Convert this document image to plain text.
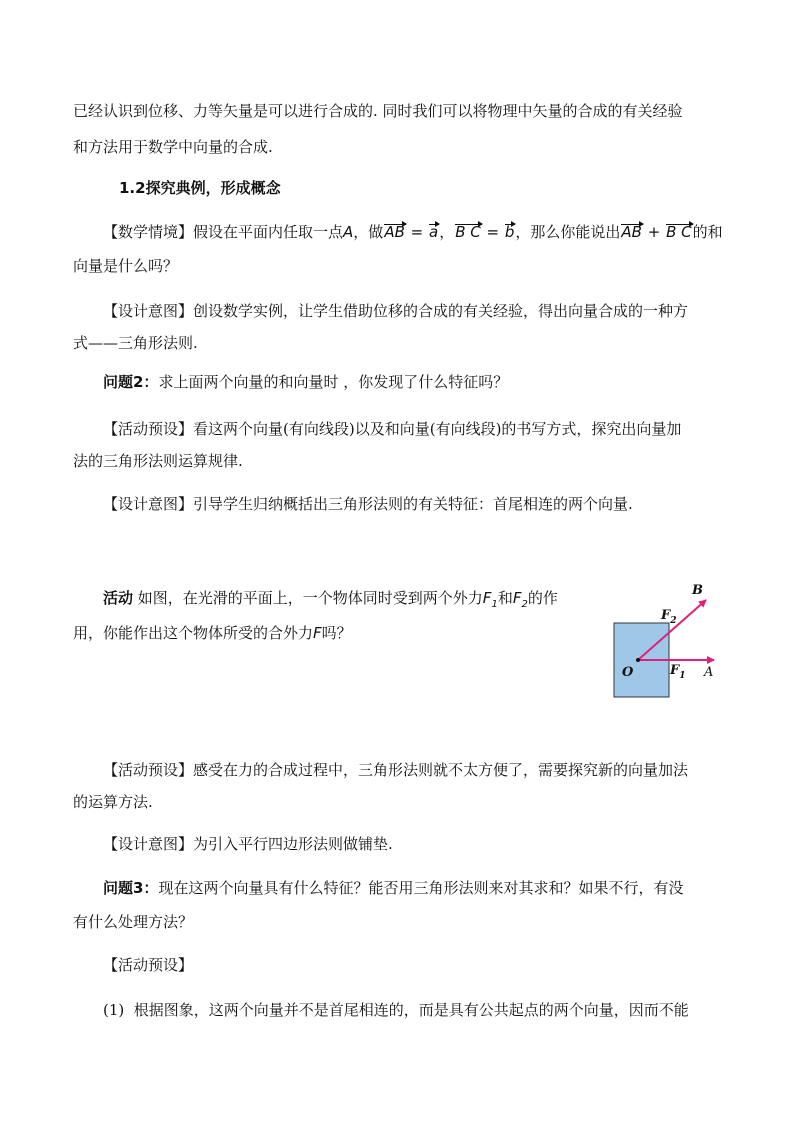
已经认识到位移、力等矢量是可以进行合成的. 同时我们可以将物理中矢量的合成的有关经验
和方法用于数学中向量的合成.
1.2探究典例，形成概念
【数学情境】假设在平面内任取一点A，做AB = a，B C = b，那么你能说出AB + B C的和
向量是什么吗？
【设计意图】创设数学实例，让学生借助位移的合成的有关经验，得出向量合成的一种方
式——三角形法则.
问题2：求上面两个向量的和向量时 ，你发现了什么特征吗？
【活动预设】看这两个向量(有向线段)以及和向量(有向线段)的书写方式，探究出向量加
法的三角形法则运算规律.
【设计意图】引导学生归纳概括出三角形法则的有关特征：首尾相连的两个向量.
活动 如图，在光滑的平面上，一个物体同时受到两个外力$F_1$和$F_2$的作
用，你能作出这个物体所受的合外力F吗？
B
$F_2$
O	$F_1$ A
【活动预设】感受在力的合成过程中，三角形法则就不太方便了，需要探究新的向量加法
的运算方法.
【设计意图】为引入平行四边形法则做铺垫.
问题3：现在这两个向量具有什么特征？能否用三角形法则来对其求和？如果不行，有没
有什么处理方法？
【活动预设】
(1) 根据图象，这两个向量并不是首尾相连的，而是具有公共起点的两个向量，因而不能
